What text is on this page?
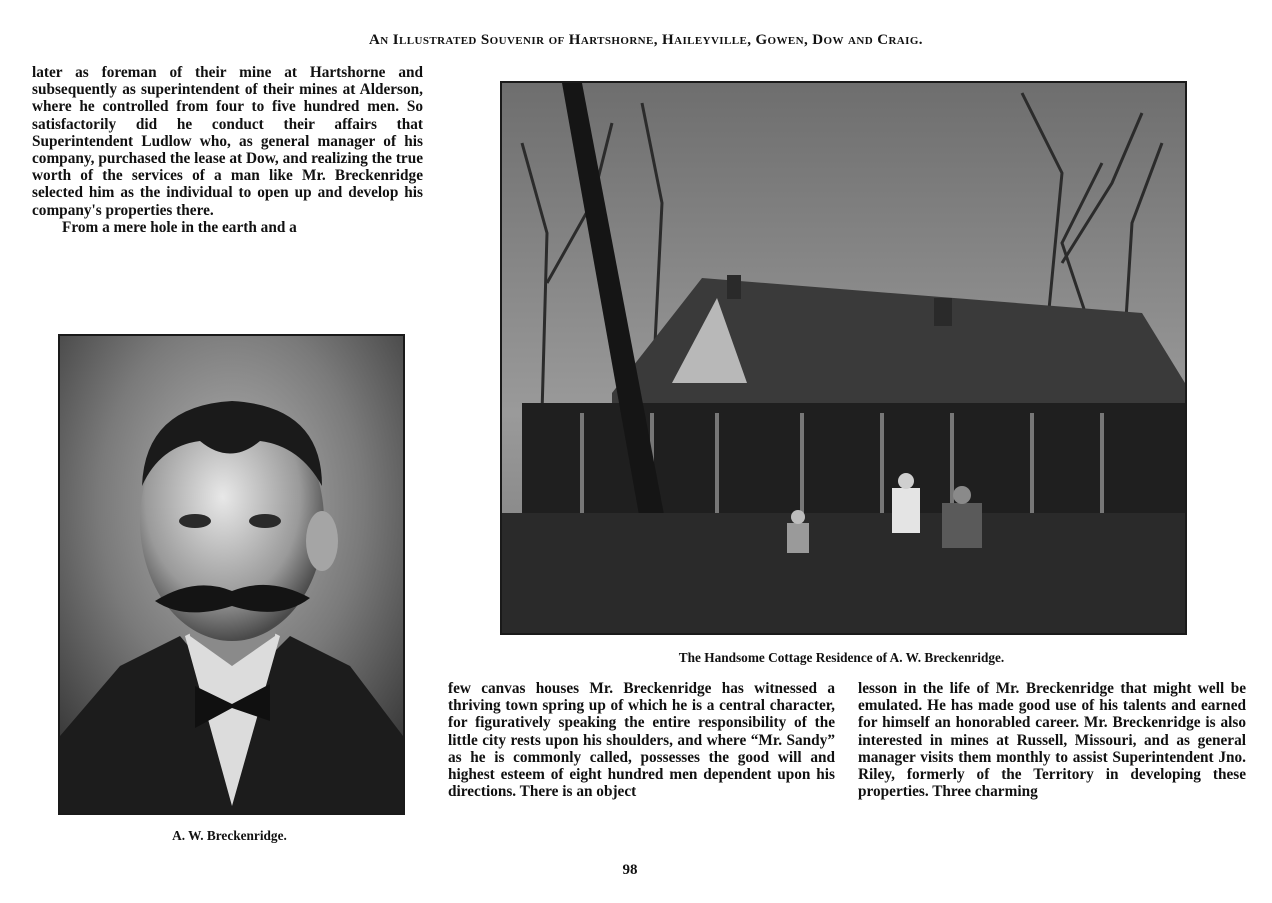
An Illustrated Souvenir of Hartshorne, Haileyville, Gowen, Dow and Craig.

later as foreman of their mine at Hartshorne and subsequently as superintendent of their mines at Alderson, where he controlled from four to five hundred men. So satisfactorily did he conduct their affairs that Superintendent Ludlow who, as general manager of his company, purchased the lease at Dow, and realizing the true worth of the services of a man like Mr. Breckenridge selected him as the individual to open up and develop his company's properties there.

From a mere hole in the earth and a

The Handsome Cottage Residence of A. W. Breckenridge.
few canvas houses Mr. Breckenridge has witnessed a thriving town spring up of which he is a central character, for figuratively speaking the entire responsibility of the little city rests upon his shoulders, and where “Mr. Sandy” as he is commonly called, possesses the good will and highest esteem of eight hundred men dependent upon his directions. There is an object
lesson in the life of Mr. Breckenridge that might well be emulated. He has made good use of his talents and earned for himself an honorabled career. Mr. Breckenridge is also interested in mines at Russell, Missouri, and as general manager visits them monthly to assist Superintendent Jno. Riley, formerly of the Territory in developing these properties. Three charming
A. W. Breckenridge.
98
